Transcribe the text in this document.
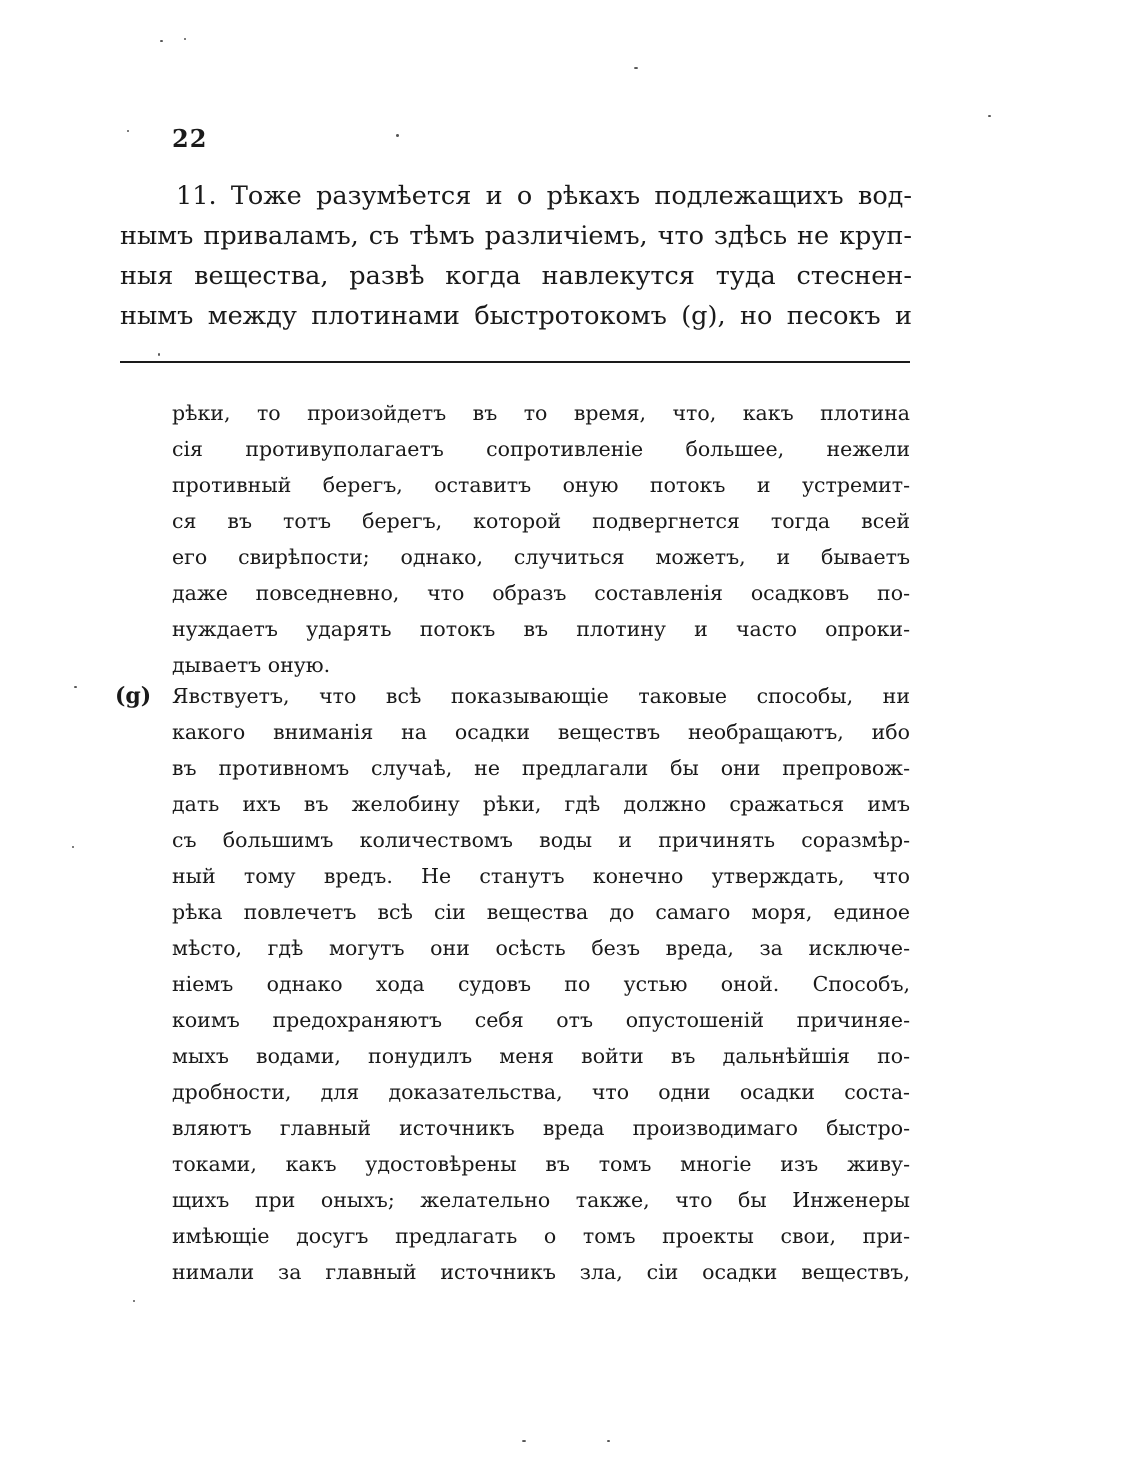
22
11. Тоже разумѣется и о рѣкахъ подлежащихъ вод-
нымъ приваламъ, съ тѣмъ различіемъ, что здѣсь не круп-
ныя вещества, развѣ когда навлекутся туда стеснен-
нымъ между плотинами быстротокомъ (g), но песокъ и
рѣки, то произойдетъ въ то время, что, какъ плотина
сія противуполагаетъ сопротивленіе большее, нежели
противный берегъ, оставитъ оную потокъ и устремит-
ся въ тотъ берегъ, которой подвергнется тогда всей
его свирѣпости; однако, случиться можетъ, и бываетъ
даже повседневно, что образъ составленія осадковъ по-
нуждаетъ ударять потокъ въ плотину и часто опроки-
дываетъ оную.
(g) Явствуетъ, что всѣ показывающіе таковые способы, ни
какого вниманія на осадки веществъ необращаютъ, ибо
въ противномъ случаѣ, не предлагали бы они препровож-
дать ихъ въ желобину рѣки, гдѣ должно сражаться имъ
съ большимъ количествомъ воды и причинять соразмѣр-
ный тому вредъ. Не станутъ конечно утверждать, что
рѣка повлечетъ всѣ сіи вещества до самаго моря, единое
мѣсто, гдѣ могутъ они осѣсть безъ вреда, за исключе-
ніемъ однако хода судовъ по устью оной. Способъ,
коимъ предохраняютъ себя отъ опустошеній причиняе-
мыхъ водами, понудилъ меня войти въ дальнѣйшія по-
дробности, для доказательства, что одни осадки соста-
вляютъ главный источникъ вреда производимаго быстро-
токами, какъ удостовѣрены въ томъ многіе изъ живу-
щихъ при оныхъ; желательно также, что бы Инженеры
имѣющіе досугъ предлагать о томъ проекты свои, при-
нимали за главный источникъ зла, сіи осадки веществъ,
